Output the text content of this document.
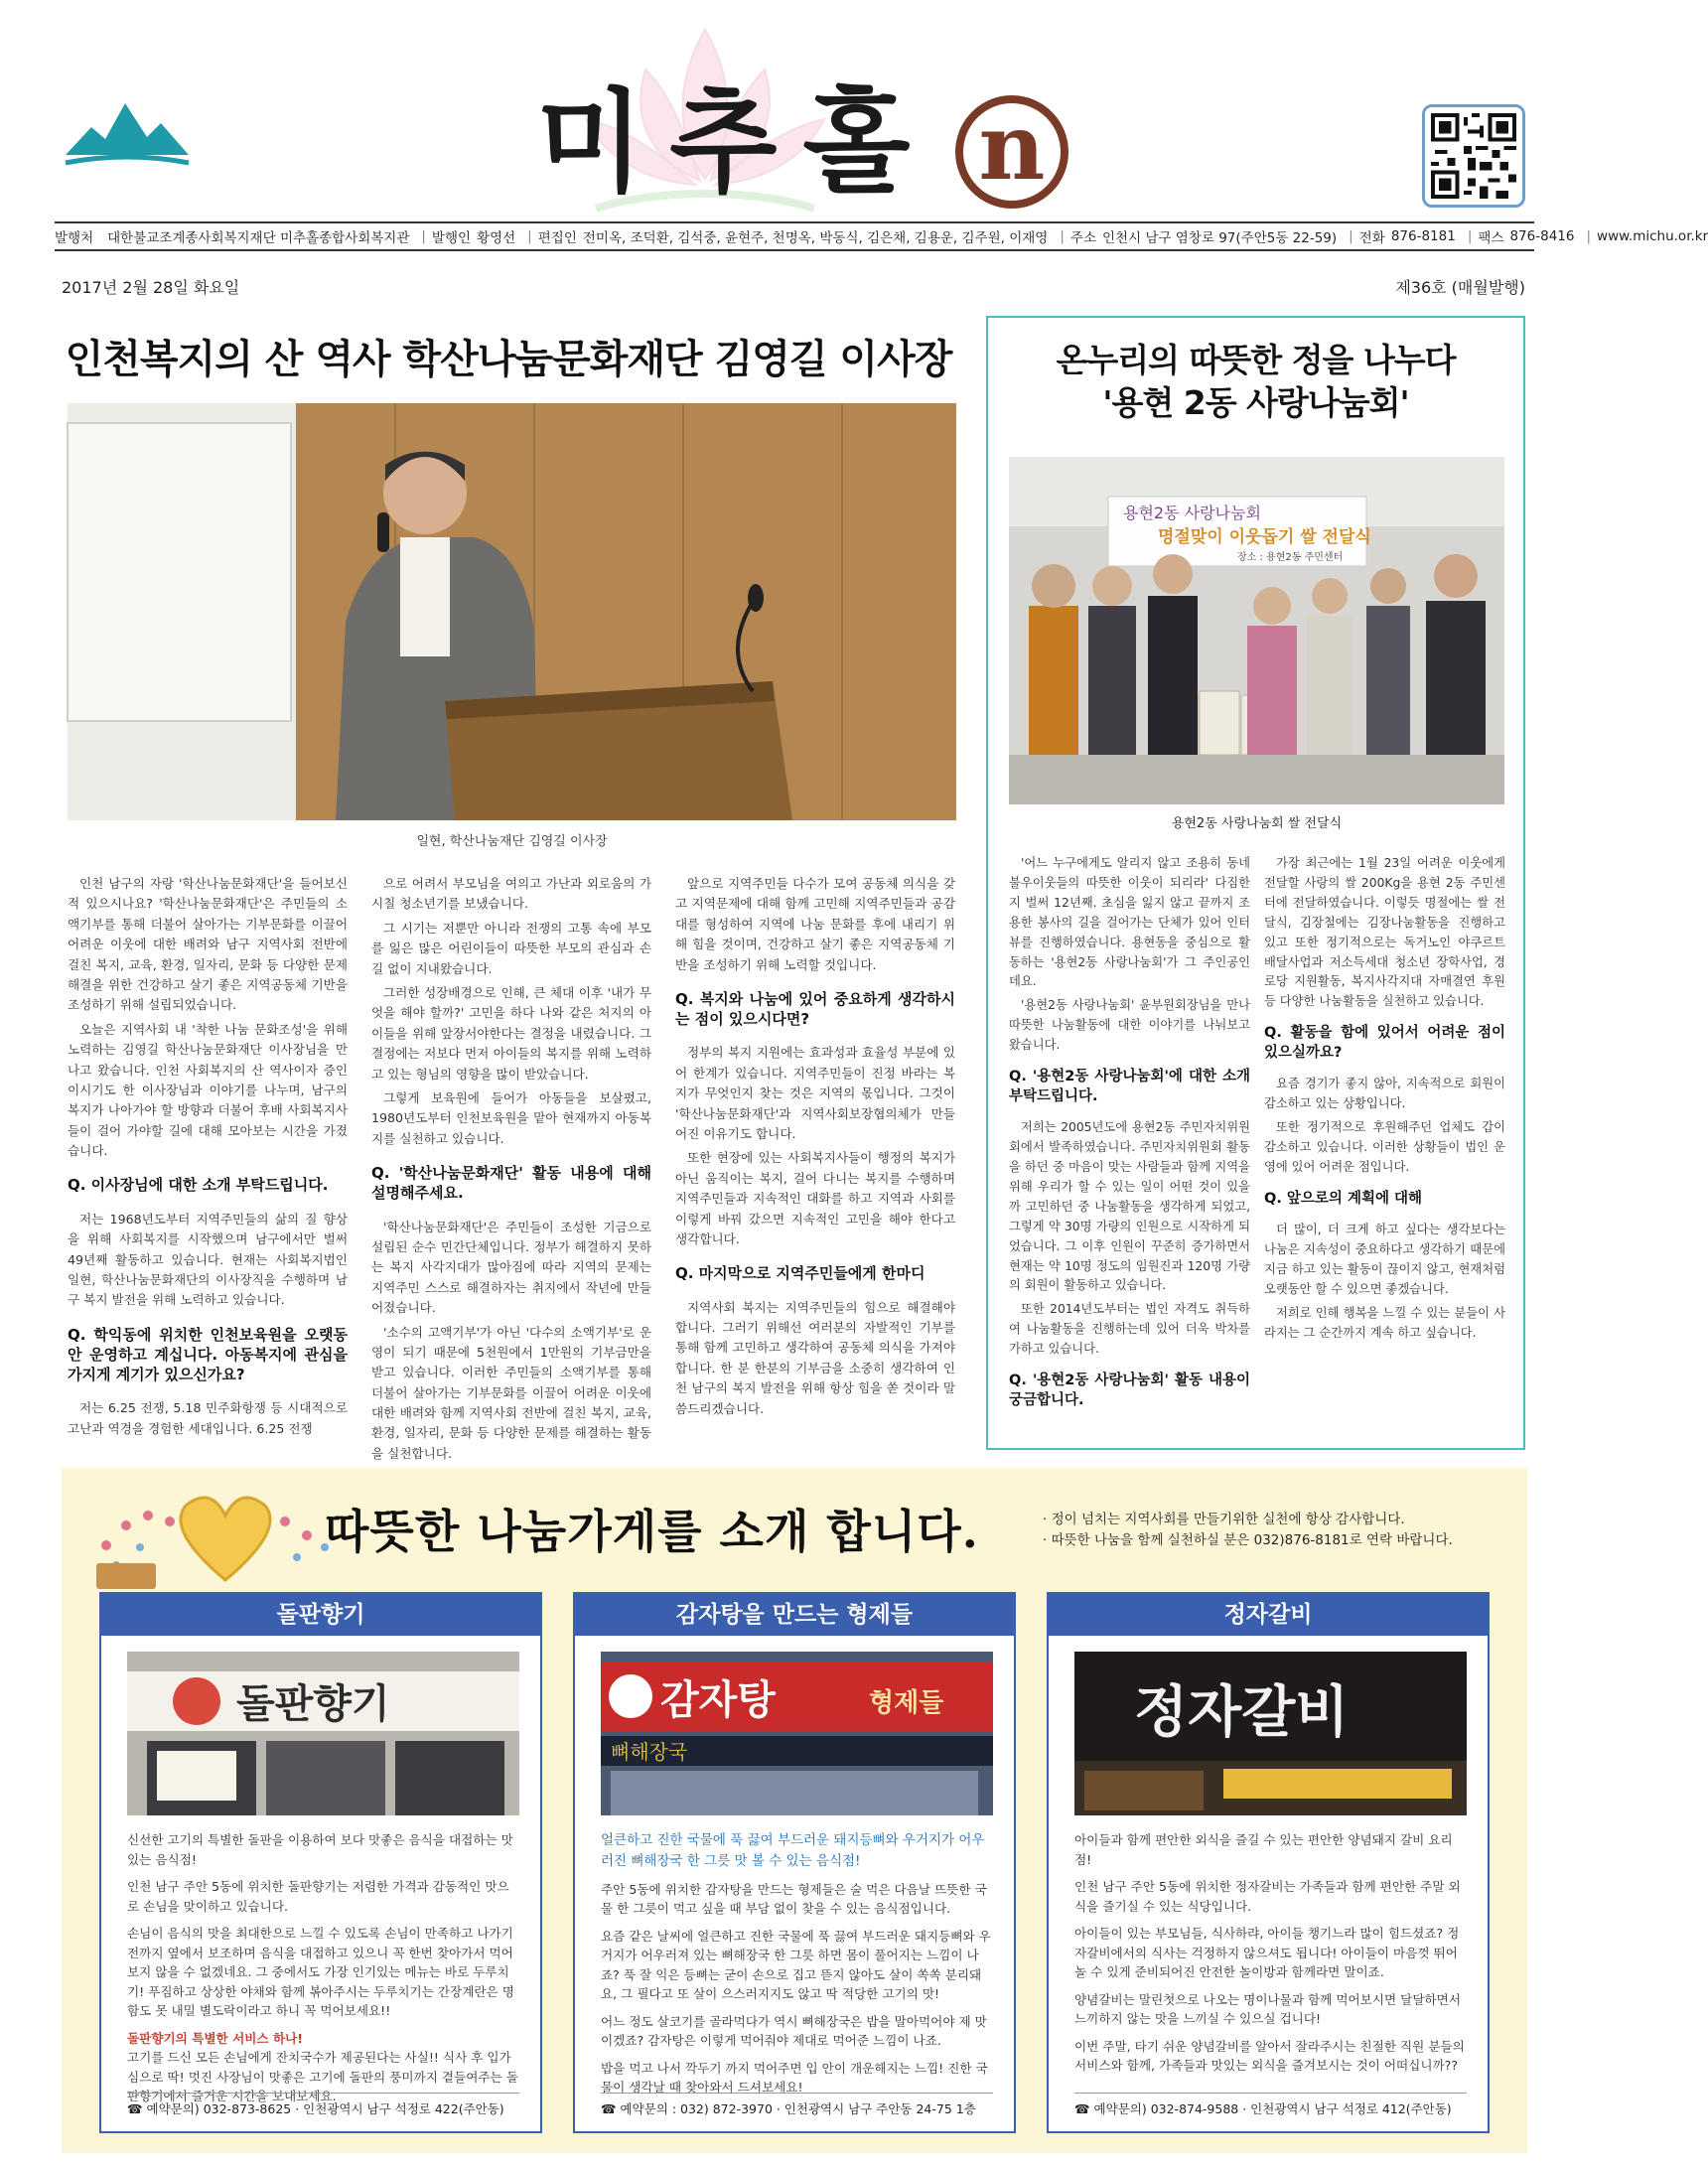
미추홀 n
발행처 대한불교조계종사회복지재단 미추홀종합사회복지관 | 발행인 황영선 | 편집인 전미옥, 조덕환, 김석중, 윤현주, 천명옥, 박동식, 김은채, 김용운, 김주원, 이재영 | 주소 인천시 남구 염창로 97(주안5동 22-59) | 전화 876-8181 | 팩스 876-8416 | www.michu.or.kr
2017년 2월 28일 화요일	제36호 (매월발행)
인천복지의 산 역사 학산나눔문화재단 김영길 이사장
일현, 학산나눔재단 김영길 이사장

인천 남구의 자랑 '학산나눔문화재단'을 들어보신 적 있으시나요? '학산나눔문화재단'은 주민들의 소액기부를 통해 더불어 살아가는 기부문화를 이끌어 어려운 이웃에 대한 배려와 남구 지역사회 전반에 걸친 복지, 교육, 환경, 일자리, 문화 등 다양한 문제 해결을 위한 건강하고 살기 좋은 지역공동체 기반을 조성하기 위해 설립되었습니다.

오늘은 지역사회 내 '착한 나눔 문화조성'을 위해 노력하는 김영길 학산나눔문화재단 이사장님을 만나고 왔습니다. 인천 사회복지의 산 역사이자 증인이시기도 한 이사장님과 이야기를 나누며, 남구의 복지가 나아가야 할 방향과 더불어 후배 사회복지사들이 걸어 가야할 길에 대해 모아보는 시간을 가졌습니다.

Q. 이사장님에 대한 소개 부탁드립니다.

저는 1968년도부터 지역주민들의 삶의 질 향상을 위해 사회복지를 시작했으며 남구에서만 벌써 49년째 활동하고 있습니다. 현재는 사회복지법인 일현, 학산나눔문화재단의 이사장직을 수행하며 남구 복지 발전을 위해 노력하고 있습니다.

Q. 학익동에 위치한 인천보육원을 오랫동안 운영하고 계십니다. 아동복지에 관심을 가지게 계기가 있으신가요?

저는 6.25 전쟁, 5.18 민주화항쟁 등 시대적으로 고난과 역경을 경험한 세대입니다. 6.25 전쟁

으로 어려서 부모님을 여의고 가난과 외로움의 가시칠 청소년기를 보냈습니다.

그 시기는 저뿐만 아니라 전쟁의 고통 속에 부모를 잃은 많은 어린이들이 따뜻한 부모의 관심과 손길 없이 지내왔습니다.

그러한 성장배경으로 인해, 큰 체대 이후 '내가 무엇을 해야 할까?' 고민을 하다 나와 같은 처지의 아이들을 위해 앞장서야한다는 결정을 내렸습니다. 그 결정에는 저보다 먼저 아이들의 복지를 위해 노력하고 있는 형님의 영향을 많이 받았습니다.

그렇게 보육원에 들어가 아동들을 보살폈고, 1980년도부터 인천보육원을 맡아 현재까지 아동복지를 실천하고 있습니다.

Q. '학산나눔문화재단' 활동 내용에 대해 설명해주세요.

'학산나눔문화재단'은 주민들이 조성한 기금으로 설립된 순수 민간단체입니다. 정부가 해결하지 못하는 복지 사각지대가 많아짐에 따라 지역의 문제는 지역주민 스스로 해결하자는 취지에서 작년에 만들어졌습니다.

'소수의 고액기부'가 아닌 '다수의 소액기부'로 운영이 되기 때문에 5천원에서 1만원의 기부금만을 받고 있습니다. 이러한 주민들의 소액기부를 통해 더불어 살아가는 기부문화를 이끌어 어려운 이웃에 대한 배려와 함께 지역사회 전반에 걸친 복지, 교육, 환경, 일자리, 문화 등 다양한 문제를 해결하는 활동을 실천합니다.

앞으로 지역주민들 다수가 모여 공동체 의식을 갖고 지역문제에 대해 함께 고민해 지역주민들과 공감대를 형성하여 지역에 나눔 문화를 후에 내리기 위해 힘을 것이며, 건강하고 살기 좋은 지역공동체 기반을 조성하기 위해 노력할 것입니다.

Q. 복지와 나눔에 있어 중요하게 생각하시는 점이 있으시다면?

정부의 복지 지원에는 효과성과 효율성 부분에 있어 한계가 있습니다. 지역주민들이 진정 바라는 복지가 무엇인지 찾는 것은 지역의 몫입니다. 그것이 '학산나눔문화재단'과 지역사회보장협의체가 만들어진 이유기도 합니다.

또한 현장에 있는 사회복지사들이 행정의 복지가 아닌 움직이는 복지, 걸어 다니는 복지를 수행하며 지역주민들과 지속적인 대화를 하고 지역과 사회를 이렇게 바꿔 갔으면 지속적인 고민을 해야 한다고 생각합니다.

Q. 마지막으로 지역주민들에게 한마디

지역사회 복지는 지역주민들의 힘으로 해결해야 합니다. 그러기 위해선 여러분의 자발적인 기부를 통해 함께 고민하고 생각하여 공동체 의식을 가져야 합니다. 한 분 한분의 기부금을 소중히 생각하여 인천 남구의 복지 발전을 위해 항상 힘을 쏟 것이라 말씀드리겠습니다.

온누리의 따뜻한 정을 나누다
'용현 2동 사랑나눔회'
용현2동 사랑나눔회
명절맞이 이웃돕기 쌀 전달식
장소 : 용현2동 주민센터
용현2동 사랑나눔회 쌀 전달식

'어느 누구에게도 알리지 않고 조용히 동네불우이웃들의 따뜻한 이웃이 되리라' 다짐한지 벌써 12년째. 초심을 잃지 않고 끝까지 조용한 봉사의 길을 걸어가는 단체가 있어 인터뷰를 진행하였습니다. 용현동을 중심으로 활동하는 '용현2동 사랑나눔회'가 그 주인공인데요.

'용현2동 사랑나눔회' 윤부원회장님을 만나 따뜻한 나눔활동에 대한 이야기를 나눠보고 왔습니다.

Q. '용현2동 사랑나눔회'에 대한 소개 부탁드립니다.

저희는 2005년도에 용현2동 주민자치위원회에서 발족하였습니다. 주민자치위원회 활동을 하던 중 마음이 맞는 사람들과 함께 지역을 위해 우리가 할 수 있는 일이 어떤 것이 있을까 고민하던 중 나눔활동을 생각하게 되었고, 그렇게 약 30명 가량의 인원으로 시작하게 되었습니다. 그 이후 인원이 꾸준히 증가하면서 현재는 약 10명 정도의 임원진과 120명 가량의 회원이 활동하고 있습니다.

또한 2014년도부터는 법인 자격도 취득하여 나눔활동을 진행하는데 있어 더욱 박차를 가하고 있습니다.

Q. '용현2동 사랑나눔회' 활동 내용이 궁금합니다.

가장 최근에는 1월 23일 어려운 이웃에게 전달할 사랑의 쌀 200Kg을 용현 2동 주민센터에 전달하였습니다. 이렇듯 명절에는 쌀 전달식, 김장철에는 김장나눔활동을 진행하고 있고 또한 정기적으로는 독거노인 야쿠르트 배달사업과 저소득세대 청소년 장학사업, 경로당 지원활동, 복지사각지대 자매결연 후원 등 다양한 나눔활동을 실천하고 있습니다.

Q. 활동을 함에 있어서 어려운 점이 있으실까요?

요즘 경기가 좋지 않아, 지속적으로 회원이 감소하고 있는 상황입니다.

또한 정기적으로 후원해주던 업체도 갑이 감소하고 있습니다. 이러한 상황들이 법인 운영에 있어 어려운 점입니다.

Q. 앞으로의 계획에 대해

더 많이, 더 크게 하고 싶다는 생각보다는 나눔은 지속성이 중요하다고 생각하기 때문에 지금 하고 있는 활동이 끊이지 않고, 현재처럼 오랫동안 할 수 있으면 좋겠습니다.

저희로 인해 행복을 느낄 수 있는 분들이 사라지는 그 순간까지 계속 하고 싶습니다.

따뜻한 나눔가게를 소개 합니다.	· 정이 넘치는 지역사회를 만들기위한 실천에 항상 감사합니다.
· 따뜻한 나눔을 함께 실천하실 분은 032)876-8181로 연락 바랍니다.
돌판향기
돌판향기

신선한 고기의 특별한 돌판을 이용하여 보다 맛좋은 음식을 대접하는 맛있는 음식점!

인천 남구 주안 5동에 위치한 돌판향기는 저렴한 가격과 감동적인 맛으로 손님을 맞이하고 있습니다.

손님이 음식의 맛을 최대한으로 느낄 수 있도록 손님이 만족하고 나가기 전까지 옆에서 보조하며 음식을 대접하고 있으니 꼭 한번 찾아가서 먹어보지 않을 수 없겠네요. 그 중에서도 가장 인기있는 메뉴는 바로 두루치기! 푸짐하고 상상한 야채와 함께 볶아주시는 두루치기는 간장계란은 명함도 못 내밀 별도락이라고 하니 꼭 먹어보세요!!

돌판향기의 특별한 서비스 하나!

고기를 드신 모든 손님에게 잔치국수가 제공된다는 사실!! 식사 후 입가심으로 딱! 멋진 사장님이 맛좋은 고기에 돌판의 풍미까지 곁들여주는 돌판향기에서 즐거운 시간을 보내보세요.

☎ 예약문의) 032-873-8625 · 인천광역시 남구 석정로 422(주안동)
감자탕을 만드는 형제들
감자탕	형제들
뼈해장국

얼큰하고 진한 국물에 푹 끓여 부드러운 돼지등뼈와 우거지가 어우러진 뼈해장국 한 그릇 맛 볼 수 있는 음식점!

주안 5동에 위치한 감자탕을 만드는 형제들은 술 먹은 다음날 뜨뜻한 국물 한 그릇이 먹고 싶을 때 부담 없이 찾을 수 있는 음식점입니다.

요즘 같은 날씨에 얼큰하고 진한 국물에 푹 끓여 부드러운 돼지등뼈와 우거지가 어우러져 있는 뼈해장국 한 그릇 하면 몸이 풀어지는 느낌이 나죠? 푹 잘 익은 등뼈는 굳이 손으로 집고 뜯지 않아도 살이 쏙쏙 분리돼요, 그 필다고 또 살이 으스러지지도 않고 딱 적당한 고기의 맛!

어느 정도 살코기를 골라먹다가 역시 뼈해장국은 밥을 말아먹어야 제 맛이겠죠? 감자탕은 이렇게 먹어줘야 제대로 먹어준 느낌이 나죠.

밥을 먹고 나서 깍두기 까지 먹어주면 입 안이 개운해지는 느낌! 진한 국물이 생각날 때 찾아와서 드셔보세요!

☎ 예약문의 : 032) 872-3970 · 인천광역시 남구 주안동 24-75 1층
정자갈비
정자갈비

아이들과 함께 편안한 외식을 즐길 수 있는 편안한 양념돼지 갈비 요리점!

인천 남구 주안 5동에 위치한 정자갈비는 가족들과 함께 편안한 주말 외식을 즐기실 수 있는 식당입니다.

아이들이 있는 부모님들, 식사하랴, 아이들 챙기느라 많이 힘드셨죠? 정자갈비에서의 식사는 걱정하지 않으셔도 됩니다! 아이들이 마음껏 뛰어놀 수 있게 준비되어진 안전한 놀이방과 함께라면 말이죠.

양념갈비는 말린첫으로 나오는 명이나물과 함께 먹어보시면 달달하면서 느끼하지 않는 맛을 느끼실 수 있으실 겁니다!

이번 주말, 타기 쉬운 양념갈비를 알아서 잘라주시는 친절한 직원 분들의 서비스와 함께, 가족들과 맛있는 외식을 즐겨보시는 것이 어떠십니까??

☎ 예약문의) 032-874-9588 · 인천광역시 남구 석정로 412(주안동)
